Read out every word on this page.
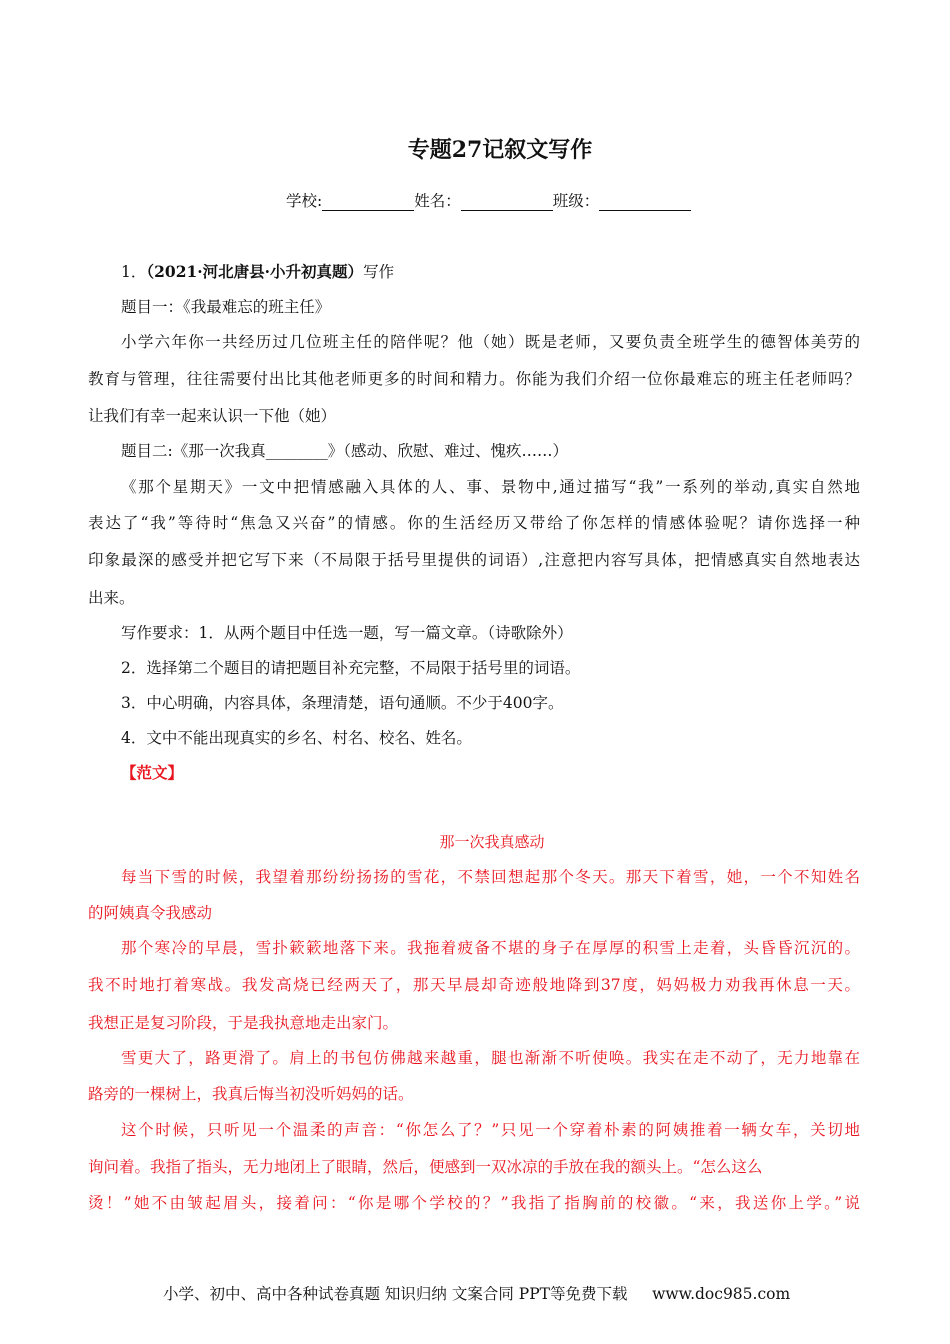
专题27记叙文写作
学校:	姓名：	班级：
1．（2021·河北唐县·小升初真题）写作
题目一：《我最难忘的班主任》
小学六年你一共经历过几位班主任的陪伴呢？他（她）既是老师，又要负责全班学生的德智体美劳的
教育与管理，往往需要付出比其他老师更多的时间和精力。你能为我们介绍一位你最难忘的班主任老师吗？
让我们有幸一起来认识一下他（她）
题目二:《那一次我真________》（感动、欣慰、难过、愧疚……）
《那个星期天》一文中把情感融入具体的人、事、景物中,通过描写“我”一系列的举动,真实自然地
表达了“我”等待时“焦急又兴奋”的情感。你的生活经历又带给了你怎样的情感体验呢？请你选择一种
印象最深的感受并把它写下来（不局限于括号里提供的词语）,注意把内容写具体，把情感真实自然地表达
出来。
写作要求：1．从两个题目中任选一题，写一篇文章。（诗歌除外）
2．选择第二个题目的请把题目补充完整，不局限于括号里的词语。
3．中心明确，内容具体，条理清楚，语句通顺。不少于400字。
4．文中不能出现真实的乡名、村名、校名、姓名。
【范文】
那一次我真感动
每当下雪的时候，我望着那纷纷扬扬的雪花，不禁回想起那个冬天。那天下着雪，她，一个不知姓名
的阿姨真令我感动
那个寒冷的早晨，雪扑簌簌地落下来。我拖着疲备不堪的身子在厚厚的积雪上走着，头昏昏沉沉的。
我不时地打着寒战。我发高烧已经两天了，那天早晨却奇迹般地降到37度，妈妈极力劝我再休息一天。
我想正是复习阶段，于是我执意地走出家门。
雪更大了，路更滑了。肩上的书包仿佛越来越重，腿也渐渐不听使唤。我实在走不动了，无力地靠在
路旁的一棵树上，我真后悔当初没听妈妈的话。
这个时候，只听见一个温柔的声音：“你怎么了？”只见一个穿着朴素的阿姨推着一辆女车，关切地
询问着。我指了指头，无力地闭上了眼睛，然后，便感到一双冰凉的手放在我的额头上。“怎么这么
烫！”她不由皱起眉头，接着问：“你是哪个学校的？”我指了指胸前的校徽。“来，我送你上学。”说
小学、初中、高中各种试卷真题 知识归纳 文案合同 PPT等免费下载 www.doc985.com
